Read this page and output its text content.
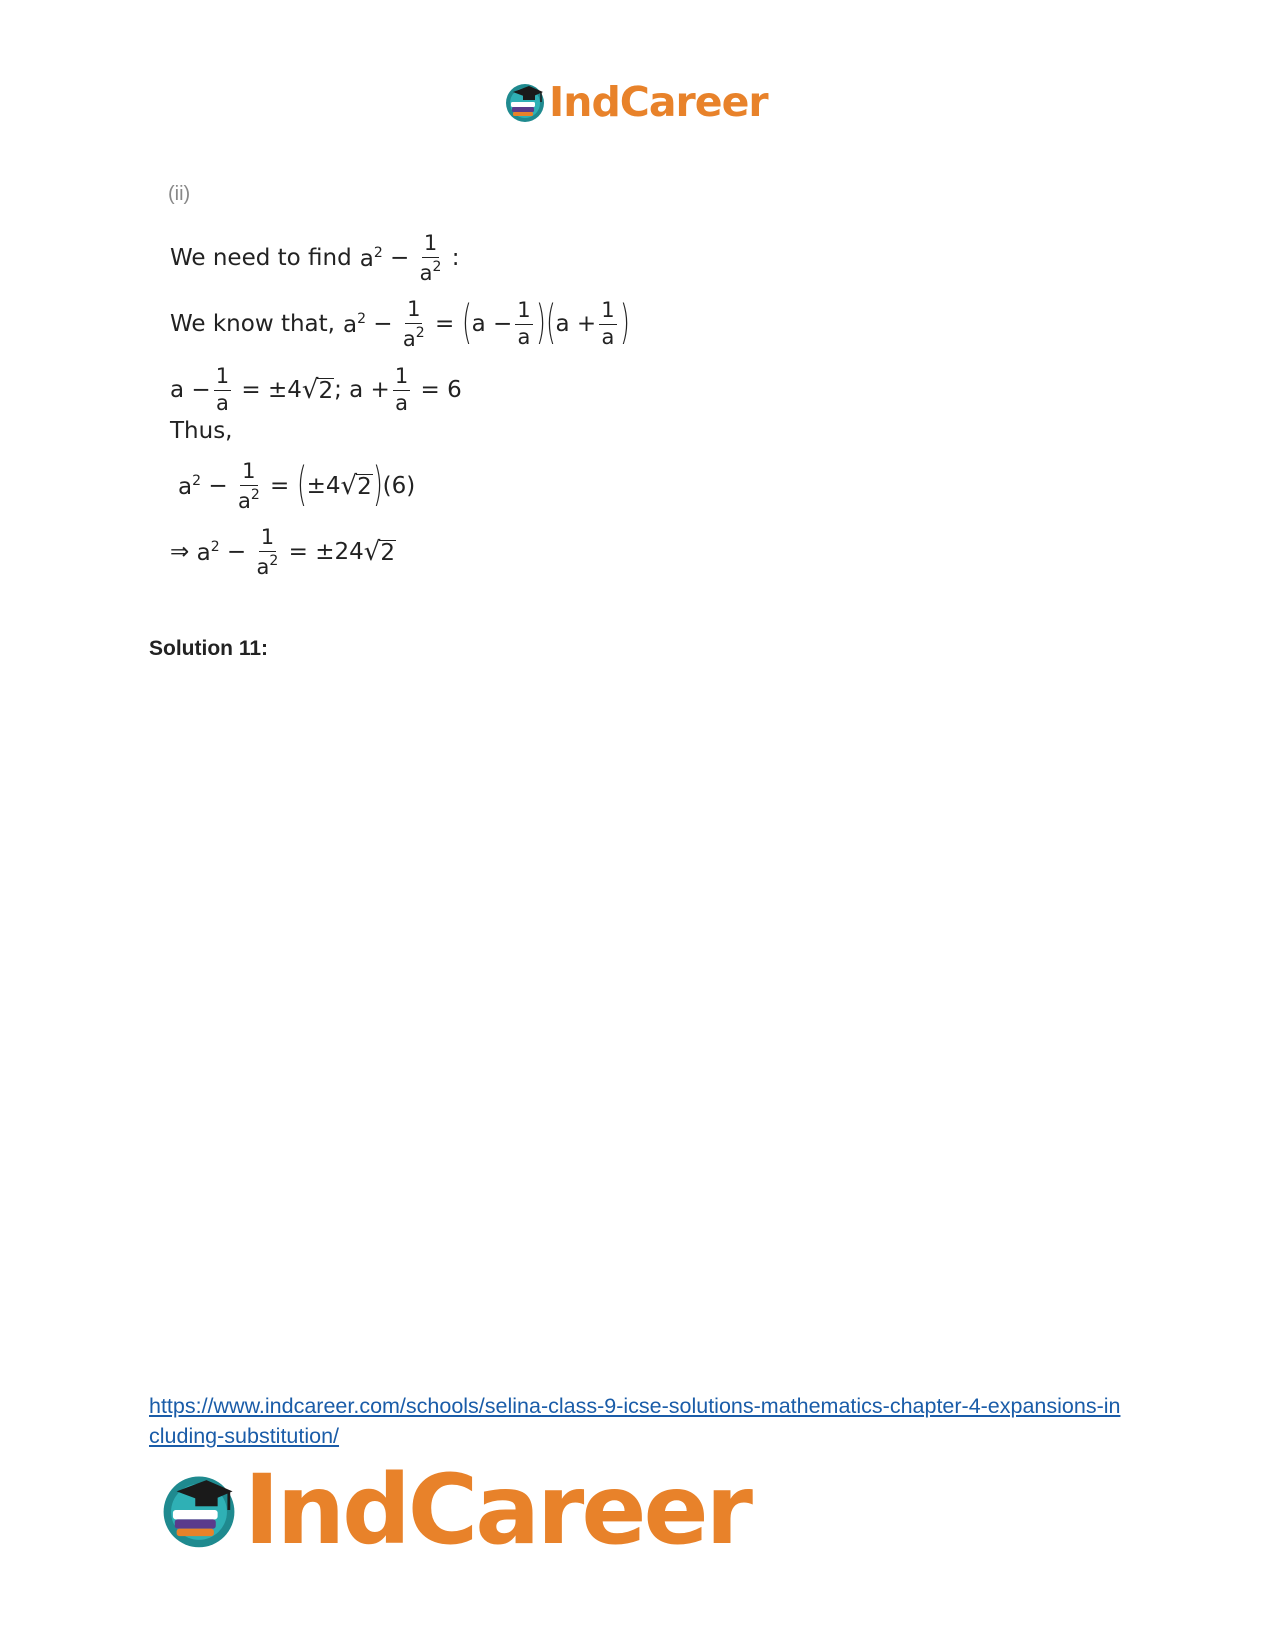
IndCareer
(ii)
We need to find $a^2 - \frac{1}{a^2}$ :
We know that, $a^2 - \frac{1}{a^2}$ = ( $a - \frac{1}{a}$ ) ( $a + \frac{1}{a}$ )
$a - \frac{1}{a} = \pm 4$ √ 2 ; $a + \frac{1}{a} = 6$
Thus,
$a^2 - \frac{1}{a^2}$ = ( ±4 √ 2 ) (6)
⇒ $a^2 - \frac{1}{a^2} = \pm 24$ √ 2
Solution 11:
https://www.indcareer.com/schools/selina-class-9-icse-solutions-mathematics-chapter-4-expansions-including-substitution/
IndCareer
